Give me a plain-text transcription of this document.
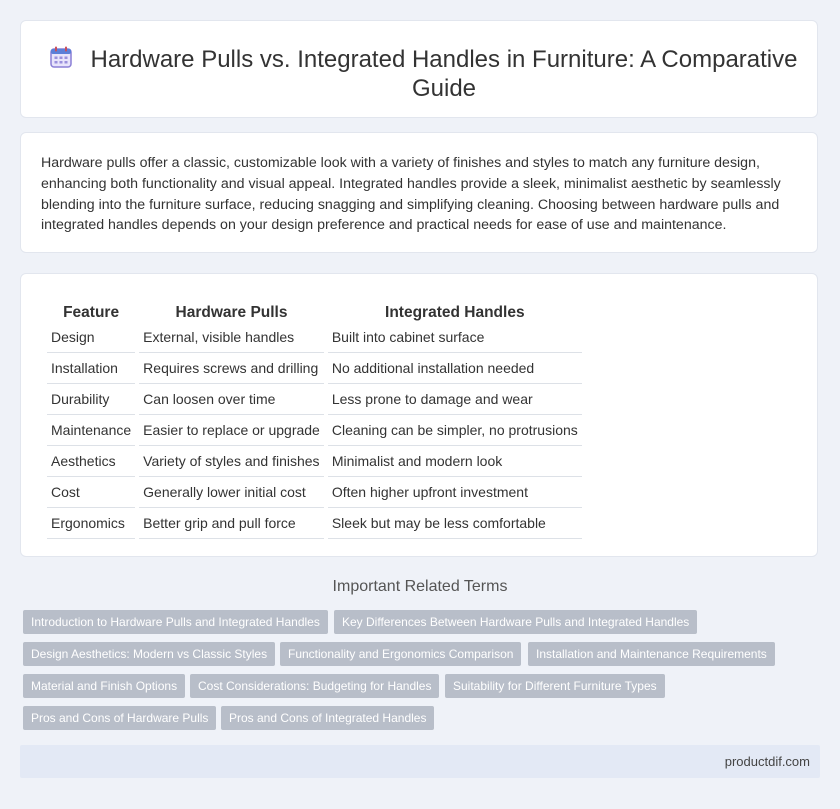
Hardware Pulls vs. Integrated Handles in Furniture: A Comparative Guide

Hardware pulls offer a classic, customizable look with a variety of finishes and styles to match any furniture design, enhancing both functionality and visual appeal. Integrated handles provide a sleek, minimalist aesthetic by seamlessly blending into the furniture surface, reducing snagging and simplifying cleaning. Choosing between hardware pulls and integrated handles depends on your design preference and practical needs for ease of use and maintenance.

Feature	Hardware Pulls	Integrated Handles
Design	External, visible handles	Built into cabinet surface
Installation	Requires screws and drilling	No additional installation needed
Durability	Can loosen over time	Less prone to damage and wear
Maintenance	Easier to replace or upgrade	Cleaning can be simpler, no protrusions
Aesthetics	Variety of styles and finishes	Minimalist and modern look
Cost	Generally lower initial cost	Often higher upfront investment
Ergonomics	Better grip and pull force	Sleek but may be less comfortable
Important Related Terms
Introduction to Hardware Pulls and Integrated Handles	Key Differences Between Hardware Pulls and Integrated Handles
Design Aesthetics: Modern vs Classic Styles	Functionality and Ergonomics Comparison	Installation and Maintenance Requirements
Material and Finish Options	Cost Considerations: Budgeting for Handles	Suitability for Different Furniture Types
Pros and Cons of Hardware Pulls	Pros and Cons of Integrated Handles
productdif.com
